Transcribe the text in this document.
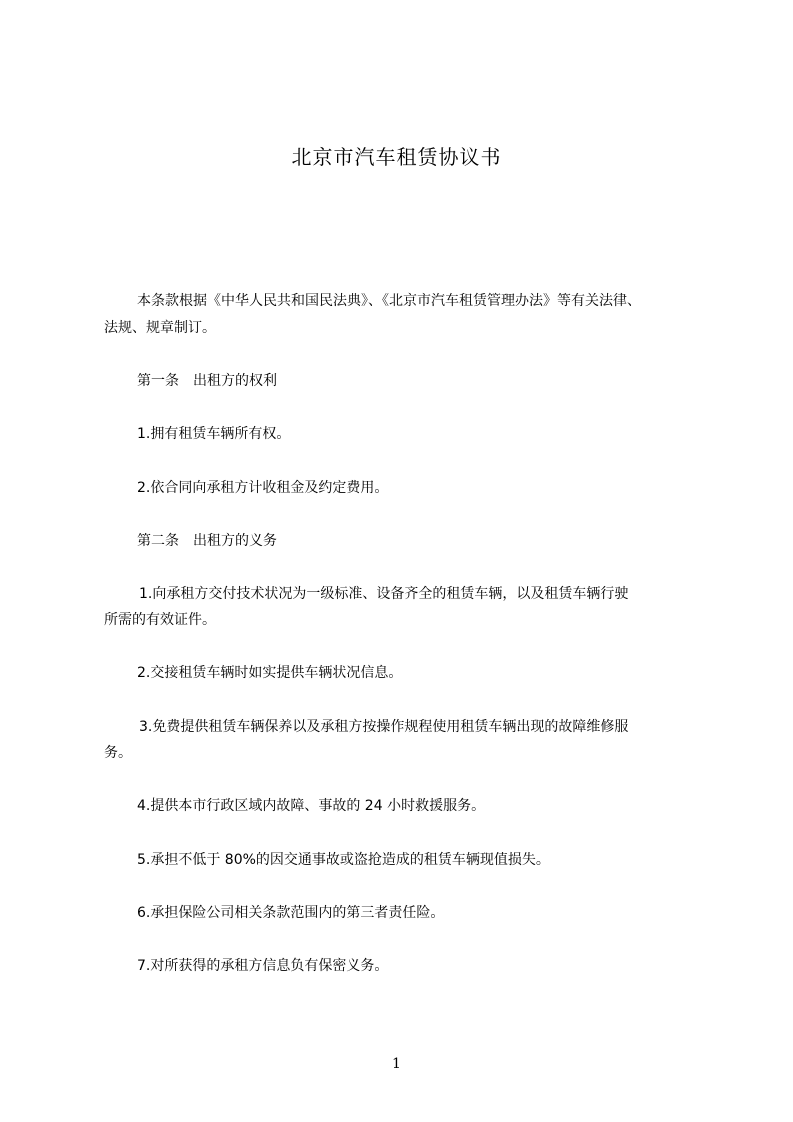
北京市汽车租赁协议书
本条款根据《中华人民共和国民法典》、《北京市汽车租赁管理办法》等有关法律、
法规、规章制订。
第一条　出租方的权利
1.拥有租赁车辆所有权。
2.依合同向承租方计收租金及约定费用。
第二条　出租方的义务
1.向承租方交付技术状况为一级标准、设备齐全的租赁车辆，以及租赁车辆行驶
所需的有效证件。
2.交接租赁车辆时如实提供车辆状况信息。
3.免费提供租赁车辆保养以及承租方按操作规程使用租赁车辆出现的故障维修服
务。
4.提供本市行政区域内故障、事故的 24 小时救援服务。
5.承担不低于 80%的因交通事故或盗抢造成的租赁车辆现值损失。
6.承担保险公司相关条款范围内的第三者责任险。
7.对所获得的承租方信息负有保密义务。
1
